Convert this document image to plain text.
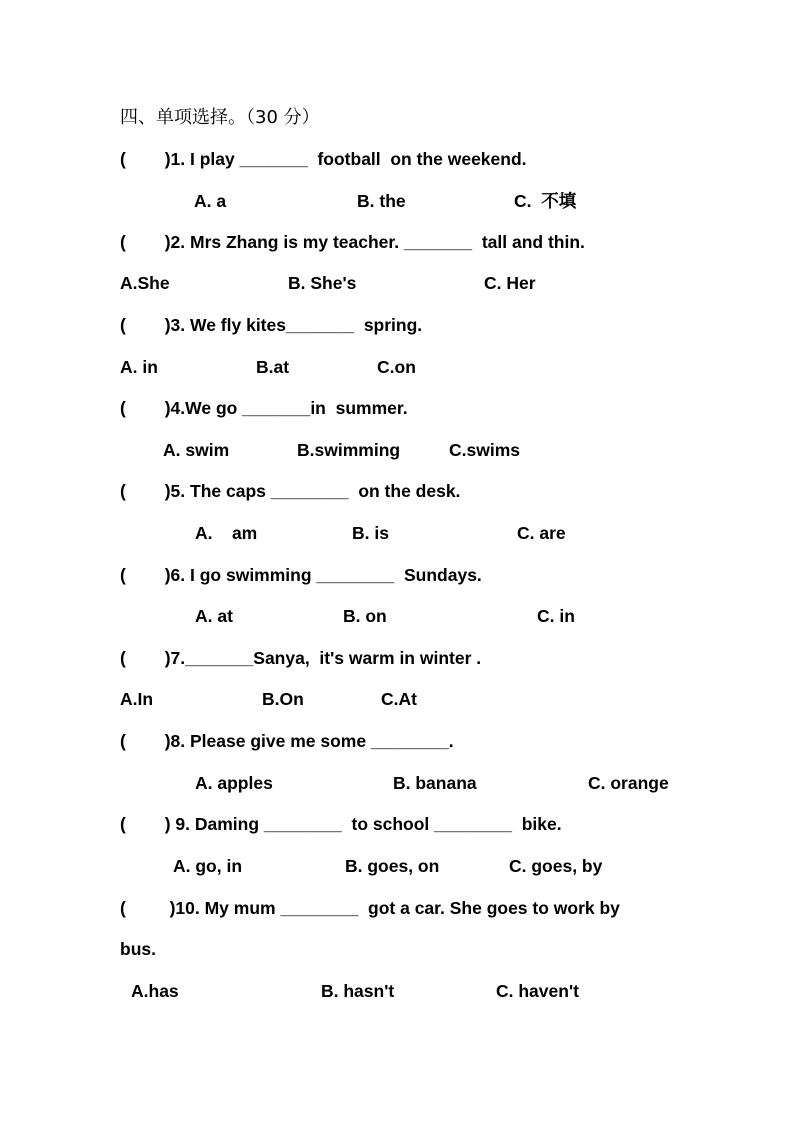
四、单项选择。（30 分）
(        )1. I play _______  football  on the weekend.
A. a	B. the	C.  不填
(        )2. Mrs Zhang is my teacher. _______  tall and thin.
A.She	B. She's	C. Her
(        )3. We fly kites_______  spring.
A. in	B.at	C.on
(        )4.We go _______in  summer.
A. swim	B.swimming	C.swims
(        )5. The caps ________  on the desk.
A.    am	B. is	C. are
(        )6. I go swimming ________  Sundays.
A. at	B. on	C. in
(        )7._______Sanya,  it's warm in winter .
A.In	B.On	C.At
(        )8. Please give me some ________.
A. apples	B. banana	C. orange
(        ) 9. Daming ________  to school ________  bike.
A. go, in	B. goes, on	C. goes, by
(         )10. My mum ________  got a car. She goes to work by
bus.
A.has	B. hasn't	C. haven't
